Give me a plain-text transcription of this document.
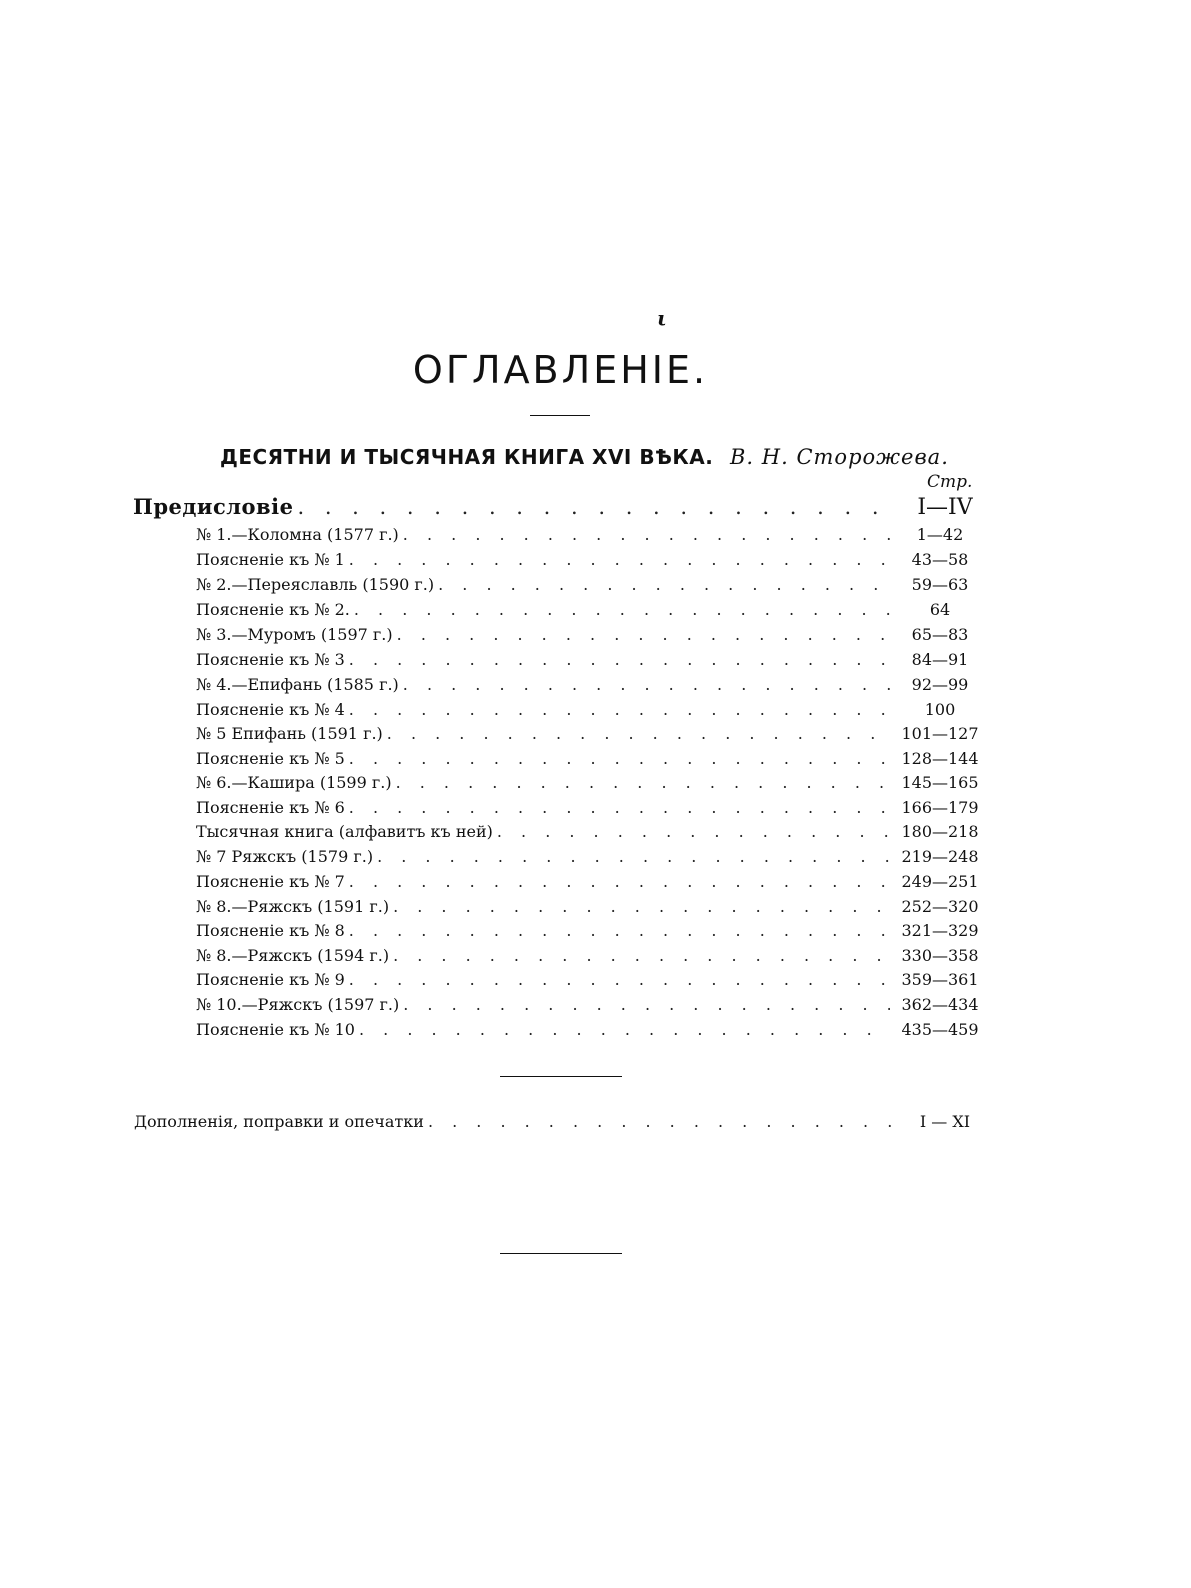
ι
ОГЛАВЛЕНІЕ.
ДЕСЯТНИ И ТЫСЯЧНАЯ КНИГА XVI ВѢКА. В. Н. Сторожева.
Стр.
Предисловіе . . .	I—IV
№ 1.—Коломна (1577 г.) . . .	1—42
Поясненіе къ № 1 . . .	43—58
№ 2.—Переяславль (1590 г.) . . .	59—63
Поясненіе къ № 2. . . .	64
№ 3.—Муромъ (1597 г.) . . .	65—83
Поясненіе къ № 3 . . .	84—91
№ 4.—Епифань (1585 г.) . . .	92—99
Поясненіе къ № 4 . . .	100
№ 5 Епифань (1591 г.) . . .	101—127
Поясненіе къ № 5 . . .	128—144
№ 6.—Кашира (1599 г.) . . .	145—165
Поясненіе къ № 6 . . .	166—179
Тысячная книга (алфавитъ къ ней) . . .	180—218
№ 7 Ряжскъ (1579 г.) . . .	219—248
Поясненіе къ № 7 . . .	249—251
№ 8.—Ряжскъ (1591 г.) . . .	252—320
Поясненіе къ № 8 . . .	321—329
№ 8.—Ряжскъ (1594 г.) . . .	330—358
Поясненіе къ № 9 . . .	359—361
№ 10.—Ряжскъ (1597 г.) . . .	362—434
Поясненіе къ № 10 . . .	435—459
Дополненія, поправки и опечатки . . .	I — XI
